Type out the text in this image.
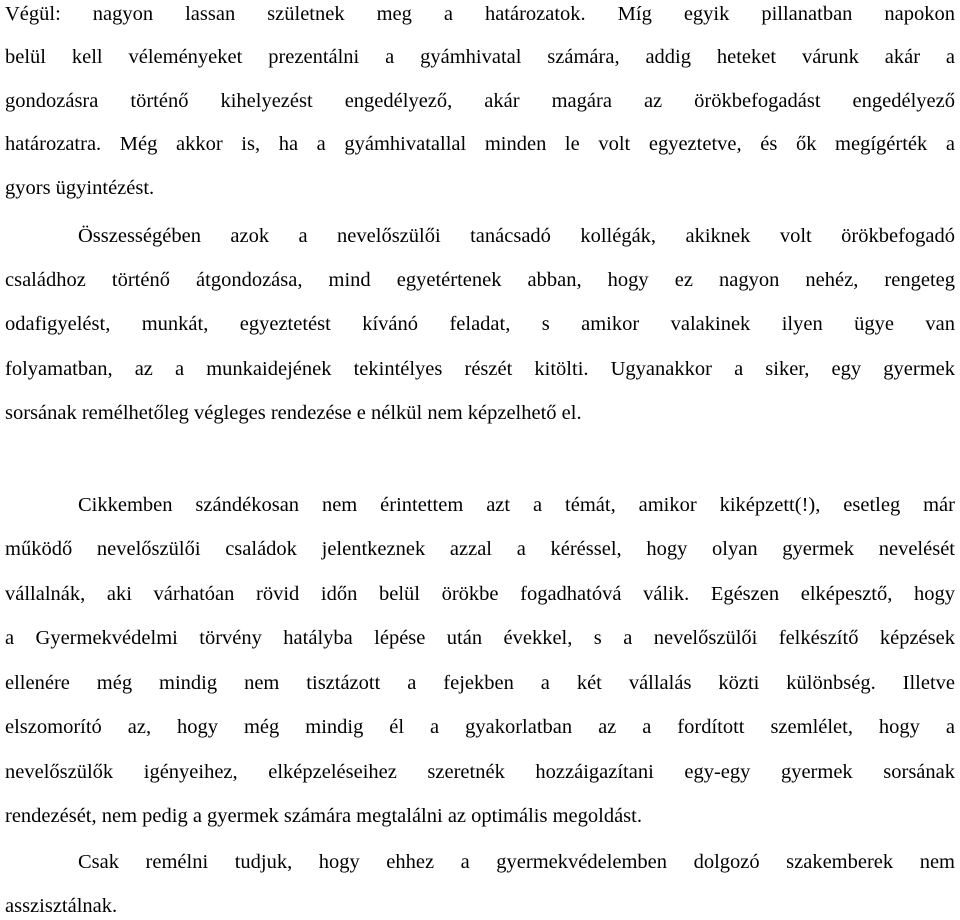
Végül: nagyon lassan születnek meg a határozatok. Míg egyik pillanatban napokon
belül kell véleményeket prezentálni a gyámhivatal számára, addig heteket várunk akár a
gondozásra történő kihelyezést engedélyező, akár magára az örökbefogadást engedélyező
határozatra. Még akkor is, ha a gyámhivatallal minden le volt egyeztetve, és ők megígérték a
gyors ügyintézést.
Összességében azok a nevelőszülői tanácsadó kollégák, akiknek volt örökbefogadó
családhoz történő átgondozása, mind egyetértenek abban, hogy ez nagyon nehéz, rengeteg
odafigyelést, munkát, egyeztetést kívánó feladat, s amikor valakinek ilyen ügye van
folyamatban, az a munkaidejének tekintélyes részét kitölti. Ugyanakkor a siker, egy gyermek
sorsának remélhetőleg végleges rendezése e nélkül nem képzelhető el.
Cikkemben szándékosan nem érintettem azt a témát, amikor kiképzett(!), esetleg már
működő nevelőszülői családok jelentkeznek azzal a kéréssel, hogy olyan gyermek nevelését
vállalnák, aki várhatóan rövid időn belül örökbe fogadhatóvá válik. Egészen elképesztő, hogy
a Gyermekvédelmi törvény hatályba lépése után évekkel, s a nevelőszülői felkészítő képzések
ellenére még mindig nem tisztázott a fejekben a két vállalás közti különbség. Illetve
elszomorító az, hogy még mindig él a gyakorlatban az a fordított szemlélet, hogy a
nevelőszülők igényeihez, elképzeléseihez szeretnék hozzáigazítani egy-egy gyermek sorsának
rendezését, nem pedig a gyermek számára megtalálni az optimális megoldást.
Csak remélni tudjuk, hogy ehhez a gyermekvédelemben dolgozó szakemberek nem
asszisztálnak.
